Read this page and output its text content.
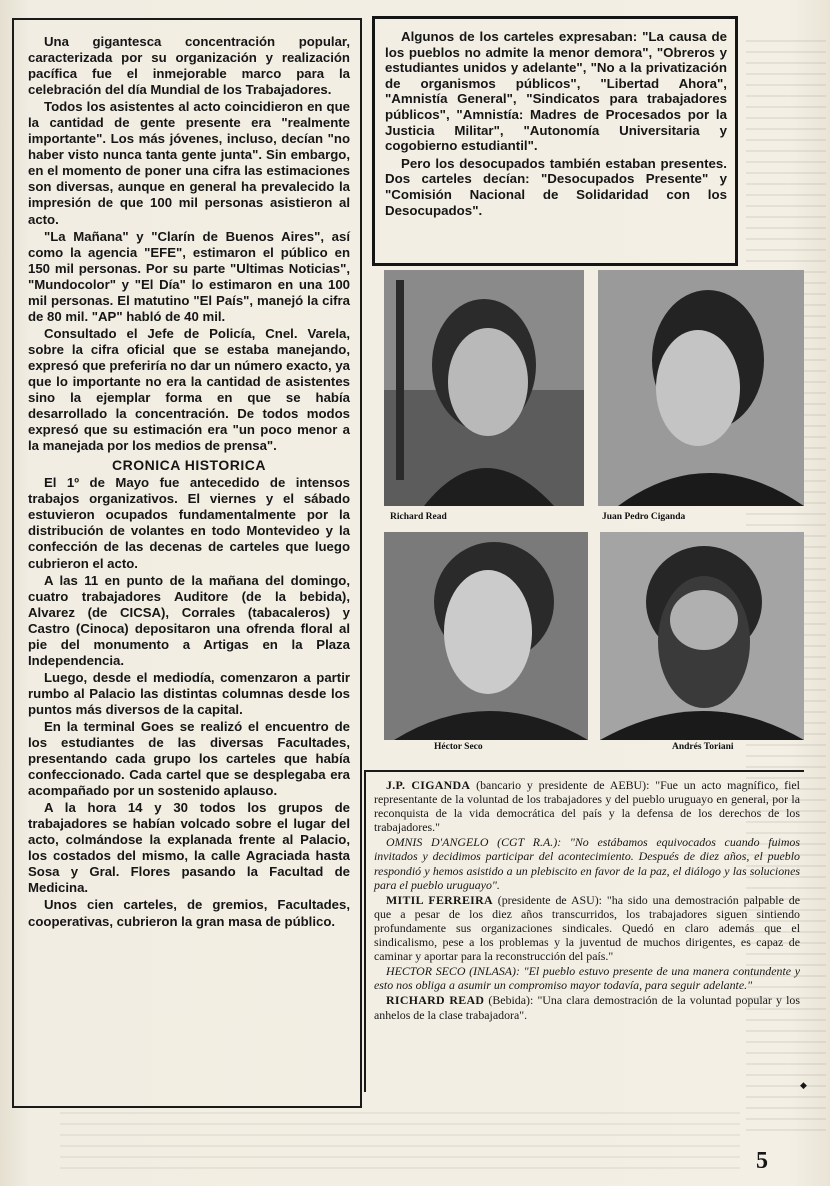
Una gigantesca concentración popular, caracterizada por su organización y realización pacífica fue el inmejorable marco para la celebración del día Mundial de los Trabajadores.

Todos los asistentes al acto coincidieron en que la cantidad de gente presente era "realmente importante". Los más jóvenes, incluso, decían "no haber visto nunca tanta gente junta". Sin embargo, en el momento de poner una cifra las estimaciones son diversas, aunque en general ha prevalecido la impresión de que 100 mil personas asistieron al acto.

"La Mañana" y "Clarín de Buenos Aires", así como la agencia "EFE", estimaron el público en 150 mil personas. Por su parte "Ultimas Noticias", "Mundocolor" y "El Día" lo estimaron en una 100 mil personas. El matutino "El País", manejó la cifra de 80 mil. "AP" habló de 40 mil.

Consultado el Jefe de Policía, Cnel. Varela, sobre la cifra oficial que se estaba manejando, expresó que preferiría no dar un número exacto, ya que lo importante no era la cantidad de asistentes sino la ejemplar forma en que se había desarrollado la concentración. De todos modos expresó que su estimación era "un poco menor a la manejada por los medios de prensa".

CRONICA HISTORICA

El 1º de Mayo fue antecedido de intensos trabajos organizativos. El viernes y el sábado estuvieron ocupados fundamentalmente por la distribución de volantes en todo Montevideo y la confección de las decenas de carteles que luego cubrieron el acto.

A las 11 en punto de la mañana del domingo, cuatro trabajadores Auditore (de la bebida), Alvarez (de CICSA), Corrales (tabacaleros) y Castro (Cinoca) depositaron una ofrenda floral al pie del monumento a Artigas en la Plaza Independencia.

Luego, desde el mediodía, comenzaron a partir rumbo al Palacio las distintas columnas desde los puntos más diversos de la capital.

En la terminal Goes se realizó el encuentro de los estudiantes de las diversas Facultades, presentando cada grupo los carteles que había confeccionado. Cada cartel que se desplegaba era acompañado por un sostenido aplauso.

A la hora 14 y 30 todos los grupos de trabajadores se habían volcado sobre el lugar del acto, colmándose la explanada frente al Palacio, los costados del mismo, la calle Agraciada hasta Sosa y Gral. Flores pasando la Facultad de Medicina.

Unos cien carteles, de gremios, Facultades, cooperativas, cubrieron la gran masa de público.

Algunos de los carteles expresaban: "La causa de los pueblos no admite la menor demora", "Obreros y estudiantes unidos y adelante", "No a la privatización de organismos públicos", "Libertad Ahora", "Amnistía General", "Sindicatos para trabajadores públicos", "Amnistía: Madres de Procesados por la Justicia Militar", "Autonomía Universitaria y cogobierno estudiantil".

Pero los desocupados también estaban presentes. Dos carteles decían: "Desocupados Presente" y "Comisión Nacional de Solidaridad con los Desocupados".

Richard Read	Juan Pedro Ciganda
Héctor Seco	Andrés Toriani

J.P. CIGANDA (bancario y presidente de AEBU): "Fue un acto magnífico, fiel representante de la voluntad de los trabajadores y del pueblo uruguayo en general, por la reconquista de la vida democrática del país y la defensa de los derechos de los trabajadores."

OMNIS D'ANGELO (CGT R.A.): "No estábamos equivocados cuando fuimos invitados y decidimos participar del acontecimiento. Después de diez años, el pueblo respondió y hemos asistido a un plebiscito en favor de la paz, el diálogo y las soluciones para el pueblo uruguayo".

MITIL FERREIRA (presidente de ASU): "ha sido una demostración palpable de que a pesar de los diez años transcurridos, los trabajadores siguen sintiendo profundamente sus organizaciones sindicales. Quedó en claro además que el sindicalismo, pese a los problemas y la juventud de muchos dirigentes, es capaz de caminar y aportar para la reconstrucción del país."

HECTOR SECO (INLASA): "El pueblo estuvo presente de una manera contundente y esto nos obliga a asumir un compromiso mayor todavía, para seguir adelante."

RICHARD READ (Bebida): "Una clara demostración de la voluntad popular y los anhelos de la clase trabajadora".

◆
5
